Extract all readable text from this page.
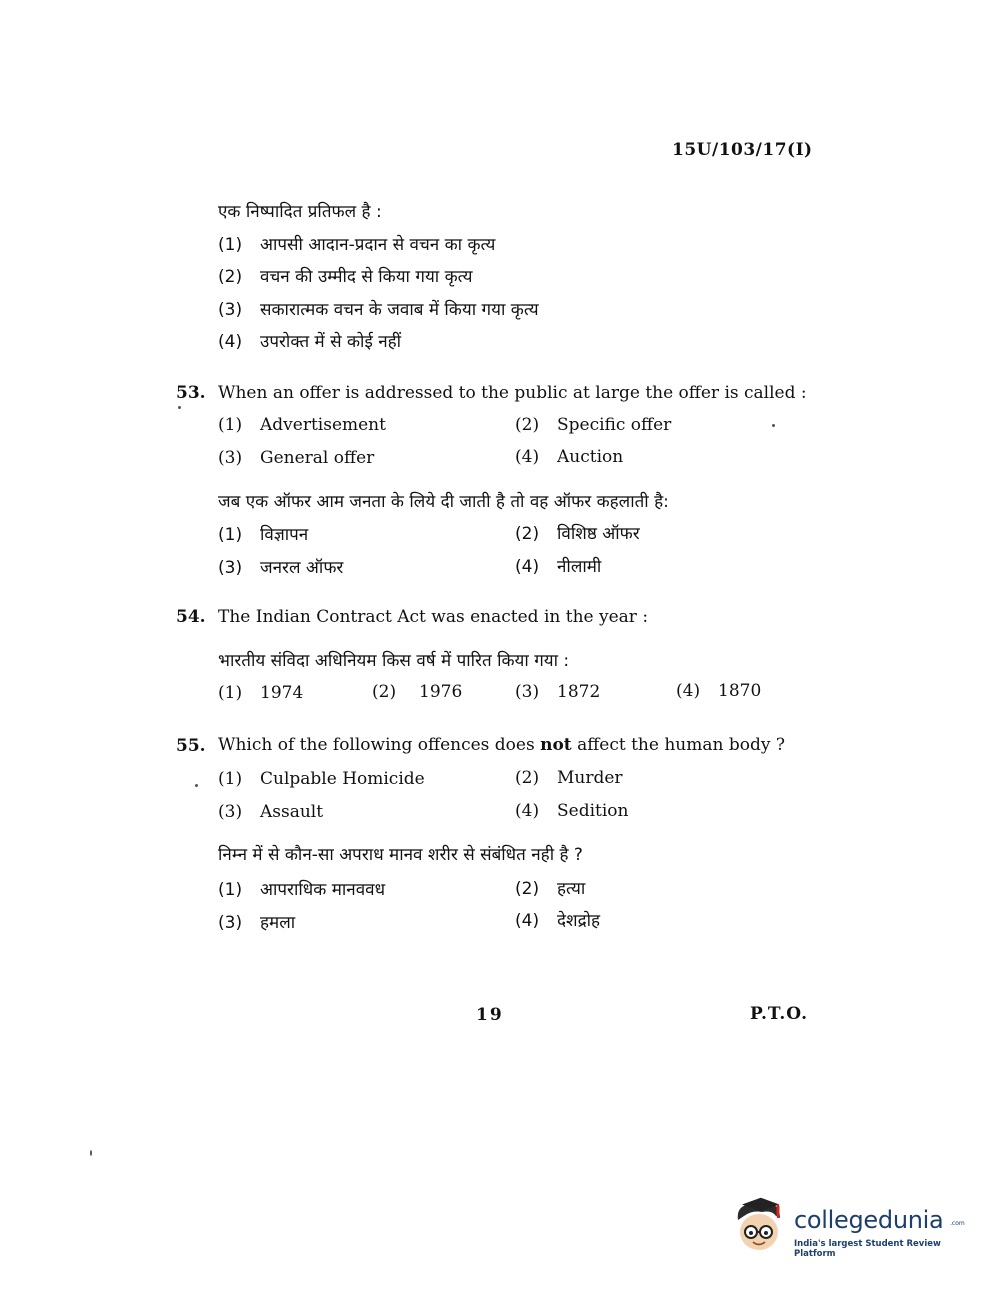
15U/103/17(I)
एक निष्पादित प्रतिफल है :
(1) आपसी आदान-प्रदान से वचन का कृत्य
(2) वचन की उम्मीद से किया गया कृत्य
(3) सकारात्मक वचन के जवाब में किया गया कृत्य
(4) उपरोक्त में से कोई नहीं
53. When an offer is addressed to the public at large the offer is called :
(1) Advertisement	(2) Specific offer
(3) General offer	(4) Auction
जब एक ऑफर आम जनता के लिये दी जाती है तो वह ऑफर कहलाती है:
(1) विज्ञापन	(2) विशिष्ठ ऑफर
(3) जनरल ऑफर	(4) नीलामी
54. The Indian Contract Act was enacted in the year :
भारतीय संविदा अधिनियम किस वर्ष में पारित किया गया :
(1) 1974	(2) 1976	(3) 1872	(4) 1870
55. Which of the following offences does not affect the human body ?
(1) Culpable Homicide	(2) Murder
(3) Assault	(4) Sedition
निम्न में से कौन-सा अपराध मानव शरीर से संबंधित नही है ?
(1) आपराधिक मानववध	(2) हत्या
(3) हमला	(4) देशद्रोह
19	P.T.O.
collegedunia .com
India's largest Student Review Platform
